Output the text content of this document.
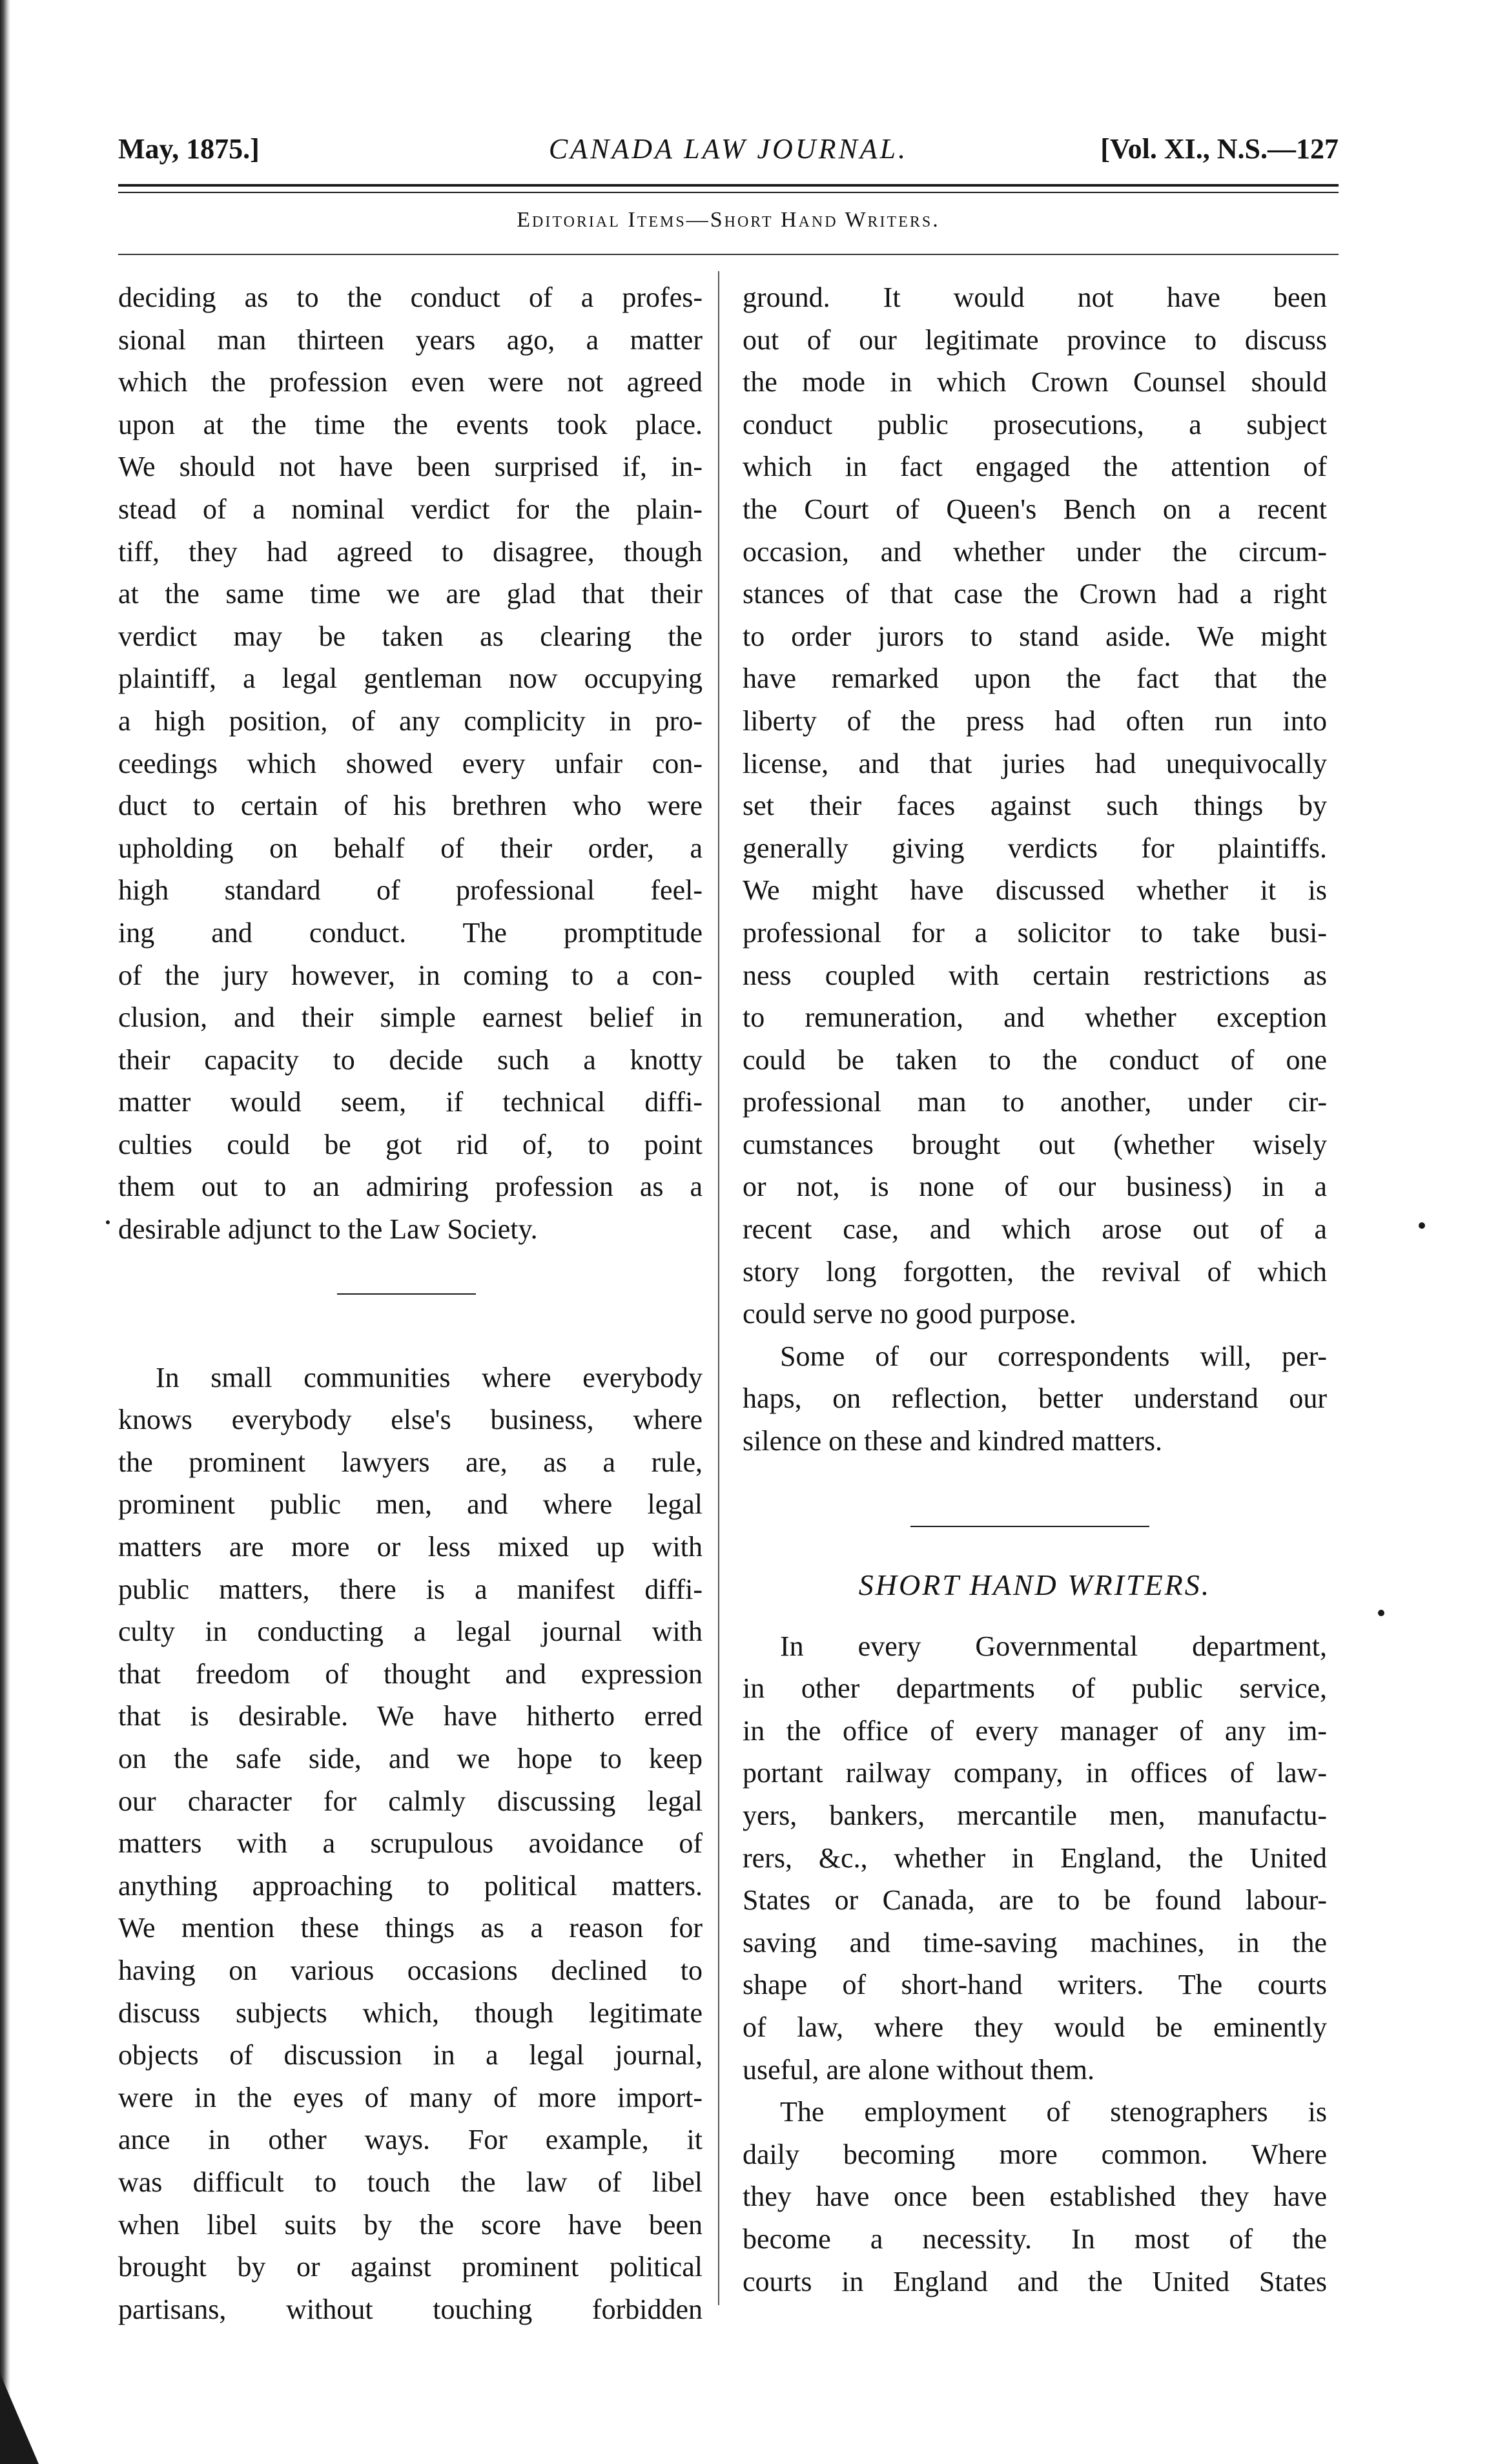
May, 1875.]	CANADA LAW JOURNAL.	[Vol. XI., N.S.—127
Editorial Items—Short Hand Writers.
deciding as to the conduct of a profes-
sional man thirteen years ago, a matter
which the profession even were not agreed
upon at the time the events took place.
We should not have been surprised if, in-
stead of a nominal verdict for the plain-
tiff, they had agreed to disagree, though
at the same time we are glad that their
verdict may be taken as clearing the
plaintiff, a legal gentleman now occupying
a high position, of any complicity in pro-
ceedings which showed every unfair con-
duct to certain of his brethren who were
upholding on behalf of their order, a
high standard of professional feel-
ing and conduct. The promptitude
of the jury however, in coming to a con-
clusion, and their simple earnest belief in
their capacity to decide such a knotty
matter would seem, if technical diffi-
culties could be got rid of, to point
them out to an admiring profession as a
desirable adjunct to the Law Society.
In small communities where everybody
knows everybody else's business, where
the prominent lawyers are, as a rule,
prominent public men, and where legal
matters are more or less mixed up with
public matters, there is a manifest diffi-
culty in conducting a legal journal with
that freedom of thought and expression
that is desirable. We have hitherto erred
on the safe side, and we hope to keep
our character for calmly discussing legal
matters with a scrupulous avoidance of
anything approaching to political matters.
We mention these things as a reason for
having on various occasions declined to
discuss subjects which, though legitimate
objects of discussion in a legal journal,
were in the eyes of many of more import-
ance in other ways. For example, it
was difficult to touch the law of libel
when libel suits by the score have been
brought by or against prominent political
partisans, without touching forbidden
ground. It would not have been
out of our legitimate province to discuss
the mode in which Crown Counsel should
conduct public prosecutions, a subject
which in fact engaged the attention of
the Court of Queen's Bench on a recent
occasion, and whether under the circum-
stances of that case the Crown had a right
to order jurors to stand aside. We might
have remarked upon the fact that the
liberty of the press had often run into
license, and that juries had unequivocally
set their faces against such things by
generally giving verdicts for plaintiffs.
We might have discussed whether it is
professional for a solicitor to take busi-
ness coupled with certain restrictions as
to remuneration, and whether exception
could be taken to the conduct of one
professional man to another, under cir-
cumstances brought out (whether wisely
or not, is none of our business) in a
recent case, and which arose out of a
story long forgotten, the revival of which
could serve no good purpose.
Some of our correspondents will, per-
haps, on reflection, better understand our
silence on these and kindred matters.
In every Governmental department,
in other departments of public service,
in the office of every manager of any im-
portant railway company, in offices of law-
yers, bankers, mercantile men, manufactu-
rers, &c., whether in England, the United
States or Canada, are to be found labour-
saving and time-saving machines, in the
shape of short-hand writers. The courts
of law, where they would be eminently
useful, are alone without them.
The employment of stenographers is
daily becoming more common. Where
they have once been established they have
become a necessity. In most of the
courts in England and the United States
SHORT HAND WRITERS.
